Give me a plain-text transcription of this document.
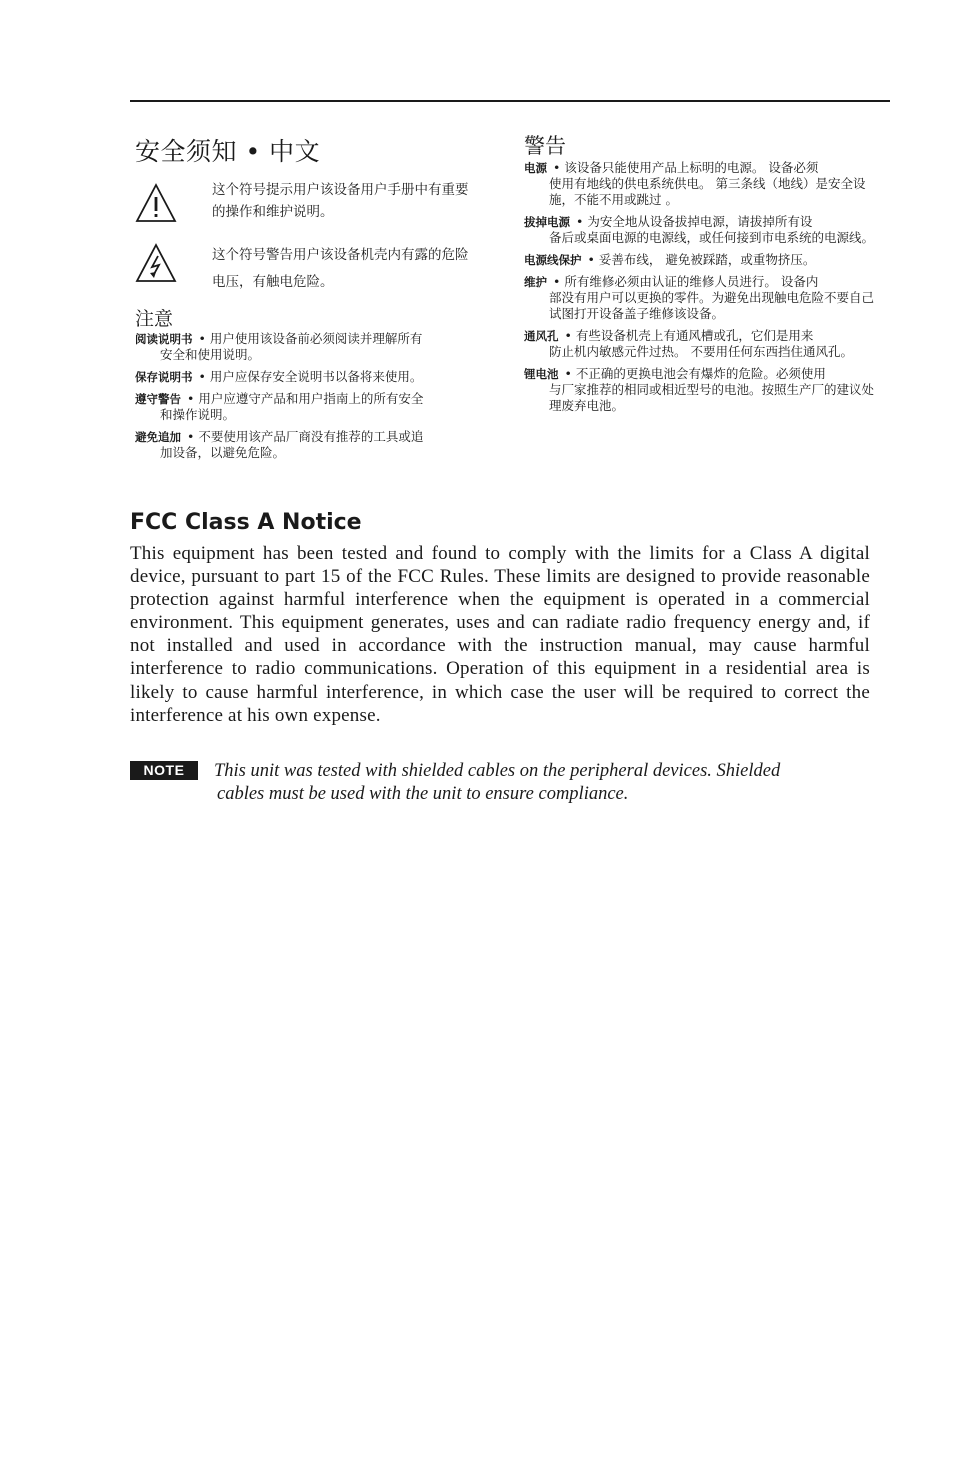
安全须知 • 中文
这个符号提示用户该设备用户手册中有重要的操作和维护说明。
这个符号警告用户该设备机壳内有露的危险电压，有触电危险。
注意
阅读说明书 • 用户使用该设备前必须阅读并理解所有
安全和使用说明。
保存说明书 • 用户应保存安全说明书以备将来使用。
遵守警告 • 用户应遵守产品和用户指南上的所有安全
和操作说明。
避免追加 • 不要使用该产品厂商没有推荐的工具或追
加设备，以避免危险。
警告
电源 • 该设备只能使用产品上标明的电源。 设备必须
使用有地线的供电系统供电。 第三条线（地线）是安全设施，不能不用或跳过 。
拔掉电源 • 为安全地从设备拔掉电源，请拔掉所有设
备后或桌面电源的电源线，或任何接到市电系统的电源线。
电源线保护 • 妥善布线， 避免被踩踏，或重物挤压。
维护 • 所有维修必须由认证的维修人员进行。 设备内
部没有用户可以更换的零件。为避免出现触电危险不要自己试图打开设备盖子维修该设备。
通风孔 • 有些设备机壳上有通风槽或孔，它们是用来
防止机内敏感元件过热。 不要用任何东西挡住通风孔。
锂电池 • 不正确的更换电池会有爆炸的危险。必须使用
与厂家推荐的相同或相近型号的电池。按照生产厂的建议处理废弃电池。
FCC Class A Notice
This equipment has been tested and found to comply with the limits for a Class A digital device, pursuant to part 15 of the FCC Rules. These limits are designed to provide reasonable protection against harmful interference when the equipment is operated in a commercial environment. This equipment generates, uses and can radiate radio frequency energy and, if not installed and used in accordance with the instruction manual, may cause harmful interference to radio communications. Operation of this equipment in a residential area is likely to cause harmful interference, in which case the user will be required to correct the interference at his own expense.
NOTE	This unit was tested with shielded cables on the peripheral devices. Shielded
cables must be used with the unit to ensure compliance.
